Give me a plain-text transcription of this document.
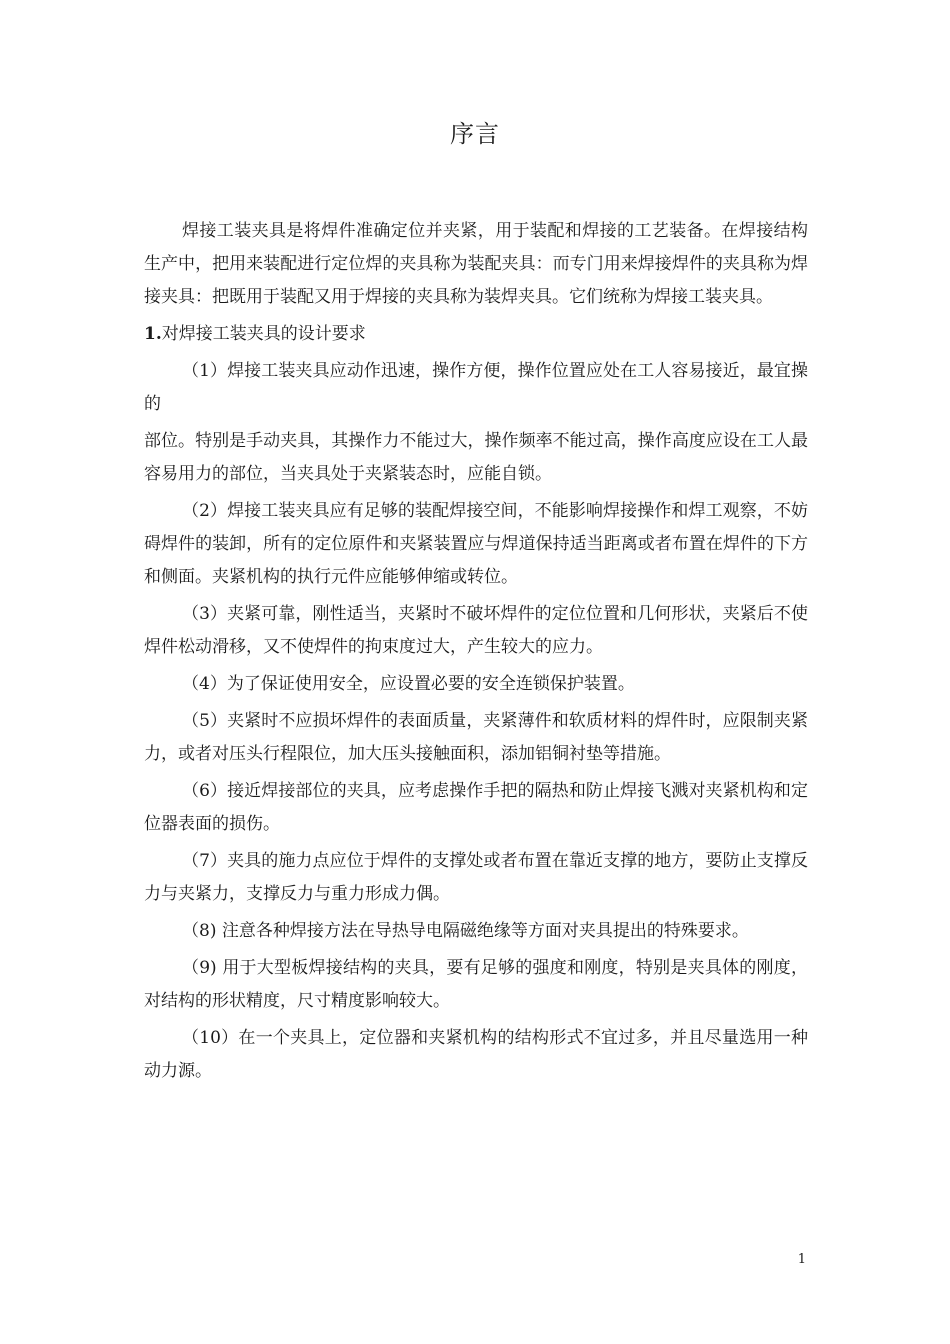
序言

焊接工装夹具是将焊件准确定位并夹紧，用于装配和焊接的工艺装备。在焊接结构生产中，把用来装配进行定位焊的夹具称为装配夹具：而专门用来焊接焊件的夹具称为焊接夹具：把既用于装配又用于焊接的夹具称为装焊夹具。它们统称为焊接工装夹具。

1.对焊接工装夹具的设计要求

（1）焊接工装夹具应动作迅速，操作方便，操作位置应处在工人容易接近，最宜操的

部位。特别是手动夹具，其操作力不能过大，操作频率不能过高，操作高度应设在工人最容易用力的部位，当夹具处于夹紧装态时，应能自锁。

（2）焊接工装夹具应有足够的装配焊接空间，不能影响焊接操作和焊工观察，不妨碍焊件的装卸，所有的定位原件和夹紧装置应与焊道保持适当距离或者布置在焊件的下方和侧面。夹紧机构的执行元件应能够伸缩或转位。

（3）夹紧可靠，刚性适当，夹紧时不破坏焊件的定位位置和几何形状，夹紧后不使焊件松动滑移，又不使焊件的拘束度过大，产生较大的应力。

（4）为了保证使用安全，应设置必要的安全连锁保护装置。

（5）夹紧时不应损坏焊件的表面质量，夹紧薄件和软质材料的焊件时，应限制夹紧力，或者对压头行程限位，加大压头接触面积，添加铝铜衬垫等措施。

（6）接近焊接部位的夹具，应考虑操作手把的隔热和防止焊接飞溅对夹紧机构和定位器表面的损伤。

（7）夹具的施力点应位于焊件的支撑处或者布置在靠近支撑的地方，要防止支撑反力与夹紧力，支撑反力与重力形成力偶。

（8) 注意各种焊接方法在导热导电隔磁绝缘等方面对夹具提出的特殊要求。

（9) 用于大型板焊接结构的夹具，要有足够的强度和刚度，特别是夹具体的刚度，对结构的形状精度，尺寸精度影响较大。

（10）在一个夹具上，定位器和夹紧机构的结构形式不宜过多，并且尽量选用一种动力源。

1
